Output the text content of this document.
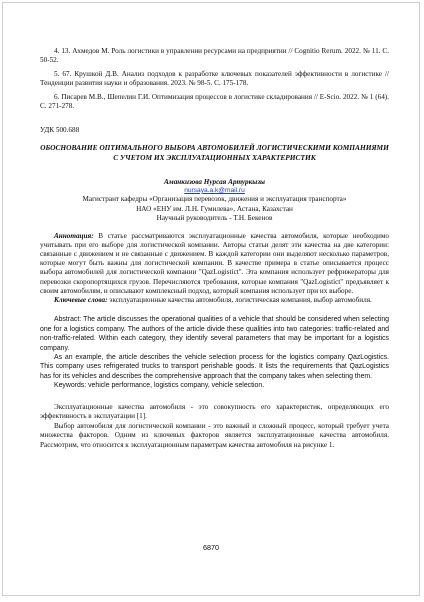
4. 13. Ахмедов М. Роль логистики в управлении ресурсами на предприятии // Cognitio Rerum. 2022. № 11. С. 50-52.

5. 67. Крушкой Д.В. Анализ подходов к разработке ключевых показателей эффективности в логистике // Тенденции развития науки и образования. 2023. № 98-5. С. 175-178.

6. Писарев М.В., Шепелин Г.И. Оптимизация процессов в логистике складирования // E-Scio. 2022. № 1 (64). С. 271-278.

УДК 500.688

ОБОСНОВАНИЕ ОПТИМАЛЬНОГО ВЫБОРА АВТОМОБИЛЕЙ ЛОГИСТИЧЕСКИМИ КОМПАНИЯМИ С УЧЕТОМ ИХ ЭКСПЛУАТАЦИОННЫХ ХАРАКТЕРИСТИК

Аманкизова Нурсая Артуркызы

nursaya.a.k@mail.ru

Магистрант кафедры «Организация перевозок, движения и эксплуатация транспорта»

НАО «ЕНУ им. Л.Н. Гумилева», Астана, Казахстан

Научный руководитель - Т.Н. Бекенов

Аннотация: В статье рассматриваются эксплуатационные качества автомобиля, которые необходимо учитывать при его выборе для логистической компании. Авторы статьи делят эти качества на две категории: связанные с движением и не связанные с движением. В каждой категории они выделяют несколько параметров, которые могут быть важны для логистической компании. В качестве примера в статье описывается процесс выбора автомобилей для логистической компании "QazLogistict". Эта компания использует рефрижераторы для перевозки скоропортящихся грузов. Перечисляются требования, которые компания "QazLogistict" предъявляет к своим автомобилям, и описывают комплексный подход, который компания использует при их выборе.

Ключевые слова: эксплуатационные качества автомобиля, логистическая компания, выбор автомобиля.

Abstract: The article discusses the operational qualities of a vehicle that should be considered when selecting one for a logistics company. The authors of the article divide these qualities into two categories: traffic-related and non-traffic-related. Within each category, they identify several parameters that may be important for a logistics company.

As an example, the article describes the vehicle selection process for the logistics company QazLogistics. This company uses refrigerated trucks to transport perishable goods. It lists the requirements that QazLogistics has for its vehicles and describes the comprehensive approach that the company takes when selecting them.

Keywords: vehicle performance, logistics company, vehicle selection.

Эксплуатационные качества автомобиля - это совокупность его характеристик, определяющих его эффективность в эксплуатации [1].

Выбор автомобиля для логистической компании - это важный и сложный процесс, который требует учета множества факторов. Одним из ключевых факторов является эксплуатационные качества автомобиля. Рассмотрим, что относится к эксплуатационным параметрам качества автомобиля на рисунке 1.

6870
